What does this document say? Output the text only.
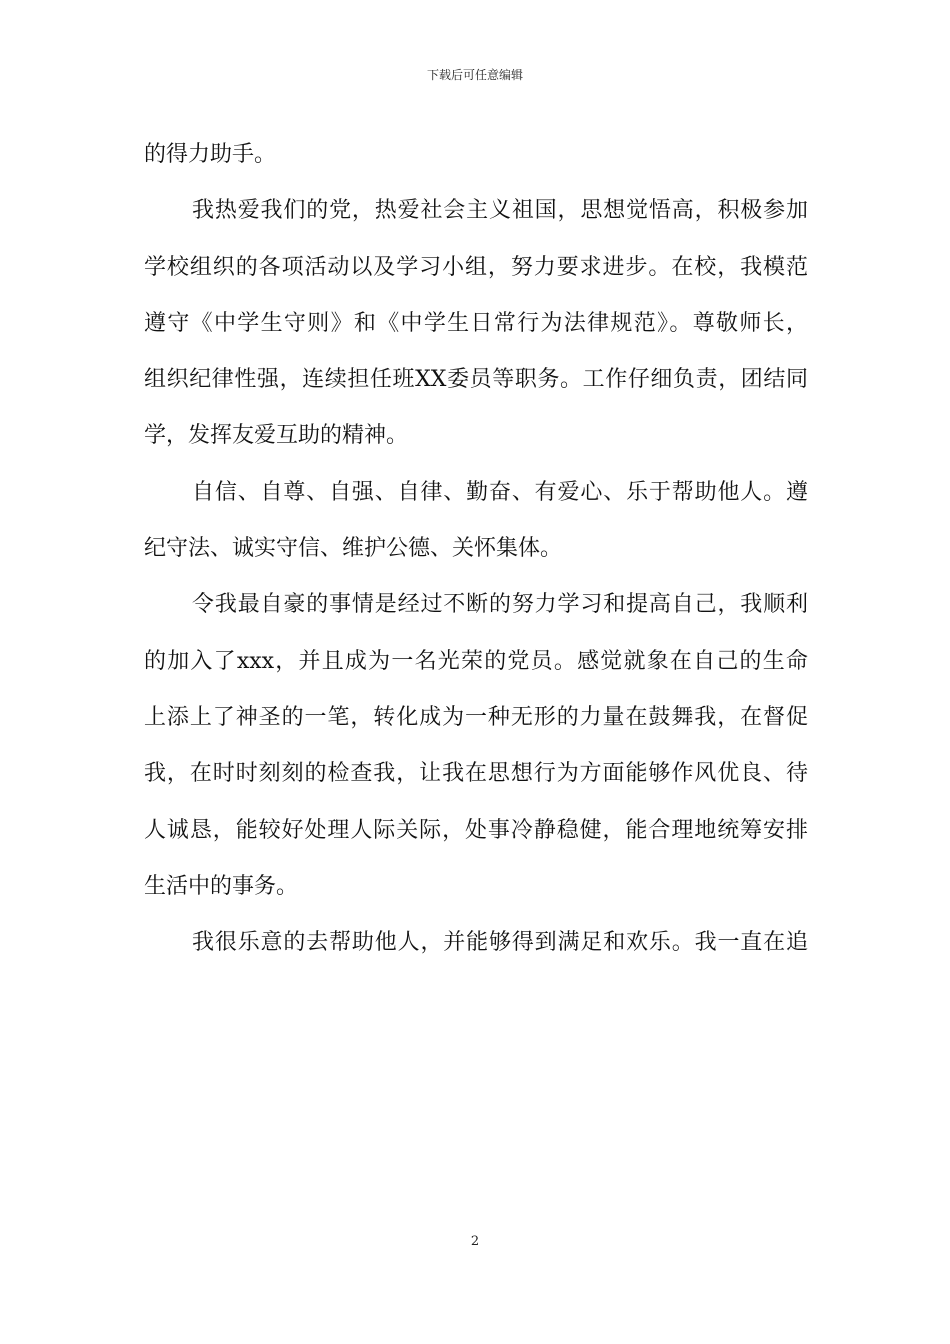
下载后可任意编辑
的得力助手。
我热爱我们的党，热爱社会主义祖国，思想觉悟高，积极参加
学校组织的各项活动以及学习小组，努力要求进步。在校，我模范
遵守《中学生守则》和《中学生日常行为法律规范》。尊敬师长，
组织纪律性强，连续担任班XX委员等职务。工作仔细负责，团结同
学，发挥友爱互助的精神。
自信、自尊、自强、自律、勤奋、有爱心、乐于帮助他人。遵
纪守法、诚实守信、维护公德、关怀集体。
令我最自豪的事情是经过不断的努力学习和提高自己，我顺利
的加入了xxx，并且成为一名光荣的党员。感觉就象在自己的生命
上添上了神圣的一笔，转化成为一种无形的力量在鼓舞我，在督促
我，在时时刻刻的检查我，让我在思想行为方面能够作风优良、待
人诚恳，能较好处理人际关际，处事冷静稳健，能合理地统筹安排
生活中的事务。
我很乐意的去帮助他人，并能够得到满足和欢乐。我一直在追
2
